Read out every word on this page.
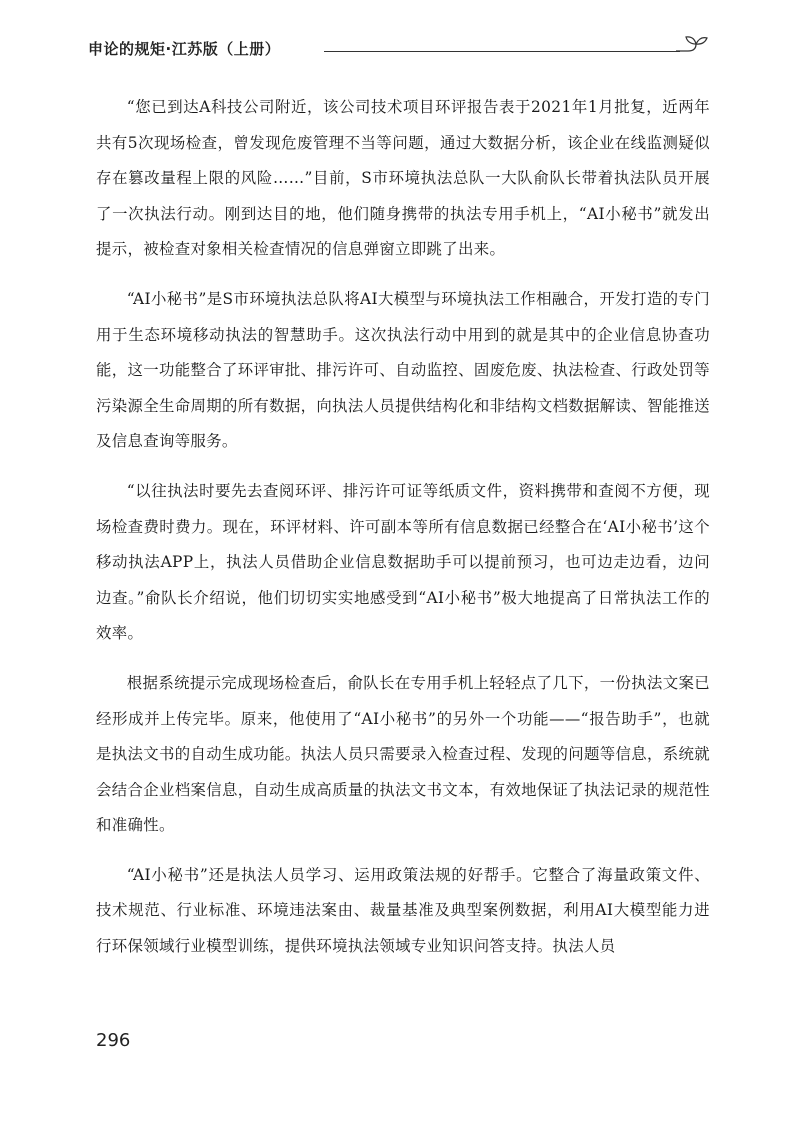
申论的规矩·江苏版（上册）

“您已到达A科技公司附近，该公司技术项目环评报告表于2021年1月批复，近两年共有5次现场检查，曾发现危废管理不当等问题，通过大数据分析，该企业在线监测疑似存在篡改量程上限的风险……”目前，S市环境执法总队一大队俞队长带着执法队员开展了一次执法行动。刚到达目的地，他们随身携带的执法专用手机上，“AI小秘书”就发出提示，被检查对象相关检查情况的信息弹窗立即跳了出来。

“AI小秘书”是S市环境执法总队将AI大模型与环境执法工作相融合，开发打造的专门用于生态环境移动执法的智慧助手。这次执法行动中用到的就是其中的企业信息协查功能，这一功能整合了环评审批、排污许可、自动监控、固废危废、执法检查、行政处罚等污染源全生命周期的所有数据，向执法人员提供结构化和非结构文档数据解读、智能推送及信息查询等服务。

“以往执法时要先去查阅环评、排污许可证等纸质文件，资料携带和查阅不方便，现场检查费时费力。现在，环评材料、许可副本等所有信息数据已经整合在‘AI小秘书’这个移动执法APP上，执法人员借助企业信息数据助手可以提前预习，也可边走边看，边问边查。”俞队长介绍说，他们切切实实地感受到“AI小秘书”极大地提高了日常执法工作的效率。

根据系统提示完成现场检查后，俞队长在专用手机上轻轻点了几下，一份执法文案已经形成并上传完毕。原来，他使用了“AI小秘书”的另外一个功能——“报告助手”，也就是执法文书的自动生成功能。执法人员只需要录入检查过程、发现的问题等信息，系统就会结合企业档案信息，自动生成高质量的执法文书文本，有效地保证了执法记录的规范性和准确性。

“AI小秘书”还是执法人员学习、运用政策法规的好帮手。它整合了海量政策文件、技术规范、行业标准、环境违法案由、裁量基准及典型案例数据，利用AI大模型能力进行环保领域行业模型训练，提供环境执法领域专业知识问答支持。执法人员

296
